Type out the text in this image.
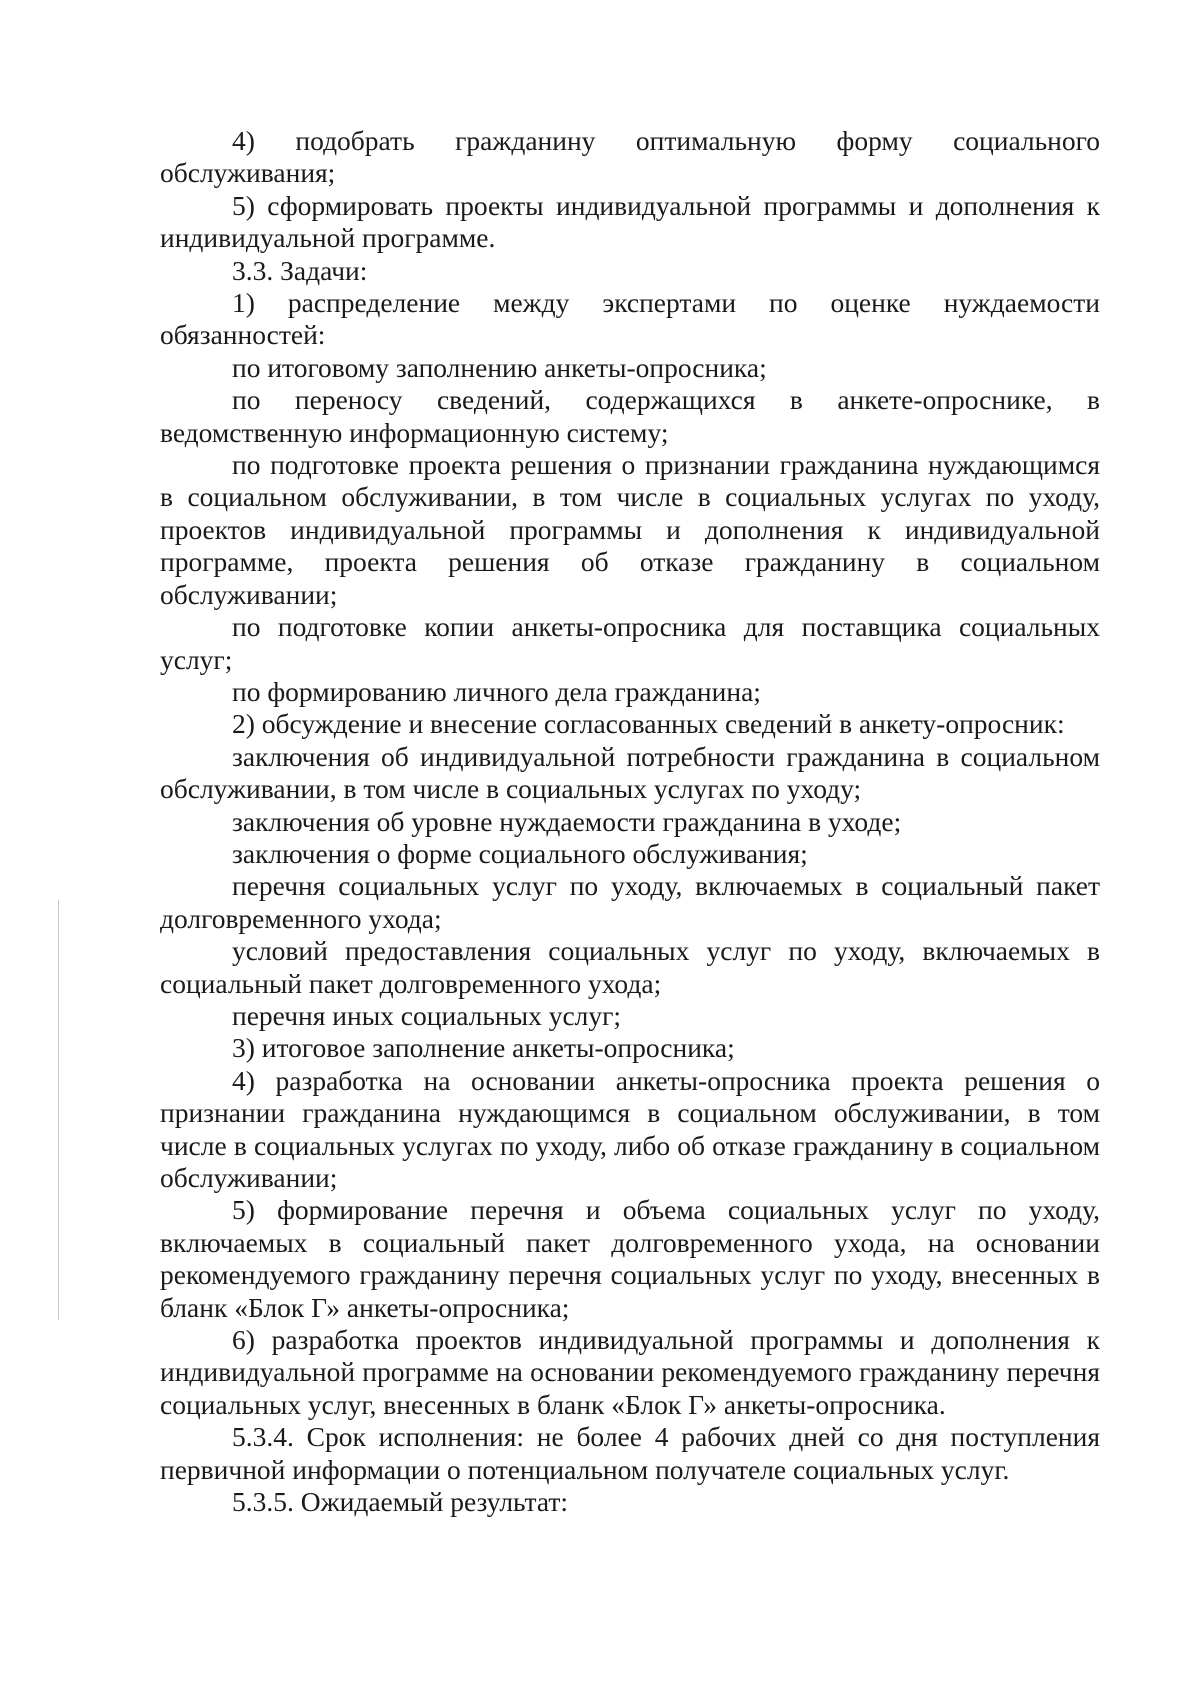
4) подобрать гражданину оптимальную форму социального обслуживания;

5) сформировать проекты индивидуальной программы и дополнения к индивидуальной программе.

3.3. Задачи:

1) распределение между экспертами по оценке нуждаемости обязанностей:

по итоговому заполнению анкеты-опросника;

по переносу сведений, содержащихся в анкете-опроснике, в ведомственную информационную систему;

по подготовке проекта решения о признании гражданина нуждающимся в социальном обслуживании, в том числе в социальных услугах по уходу, проектов индивидуальной программы и дополнения к индивидуальной программе, проекта решения об отказе гражданину в социальном обслуживании;

по подготовке копии анкеты-опросника для поставщика социальных услуг;

по формированию личного дела гражданина;

2) обсуждение и внесение согласованных сведений в анкету-опросник:

заключения об индивидуальной потребности гражданина в социальном обслуживании, в том числе в социальных услугах по уходу;

заключения об уровне нуждаемости гражданина в уходе;

заключения о форме социального обслуживания;

перечня социальных услуг по уходу, включаемых в социальный пакет долговременного ухода;

условий предоставления социальных услуг по уходу, включаемых в социальный пакет долговременного ухода;

перечня иных социальных услуг;

3) итоговое заполнение анкеты-опросника;

4) разработка на основании анкеты-опросника проекта решения о признании гражданина нуждающимся в социальном обслуживании, в том числе в социальных услугах по уходу, либо об отказе гражданину в социальном обслуживании;

5) формирование перечня и объема социальных услуг по уходу, включаемых в социальный пакет долговременного ухода, на основании рекомендуемого гражданину перечня социальных услуг по уходу, внесенных в бланк «Блок Г» анкеты-опросника;

6) разработка проектов индивидуальной программы и дополнения к индивидуальной программе на основании рекомендуемого гражданину перечня социальных услуг, внесенных в бланк «Блок Г» анкеты-опросника.

5.3.4. Срок исполнения: не более 4 рабочих дней со дня поступления первичной информации о потенциальном получателе социальных услуг.

5.3.5. Ожидаемый результат:
